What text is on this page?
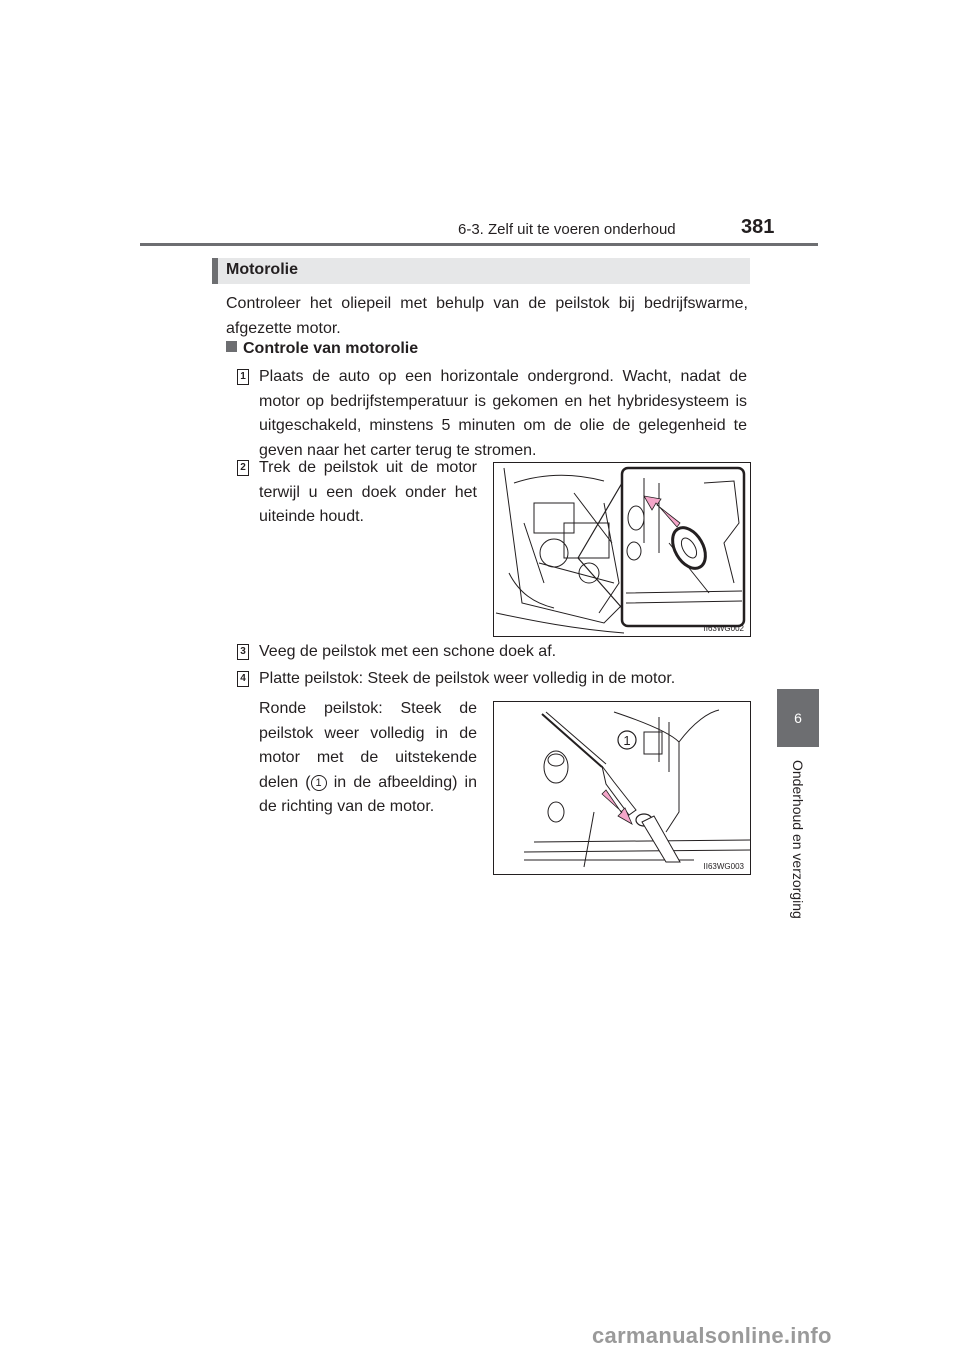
6-3. Zelf uit te voeren onderhoud	381
6
Onderhoud en verzorging
Motorolie
Controleer het oliepeil met behulp van de peilstok bij bedrijfswarme, afgezette motor.
Controle van motorolie
1
2
3
4
Plaats de auto op een horizontale ondergrond. Wacht, nadat de motor op bedrijfstemperatuur is gekomen en het hybridesysteem is uitgeschakeld, minstens 5 minuten om de olie de gelegenheid te geven naar het carter terug te stromen.
Trek de peilstok uit de motor terwijl u een doek onder het uiteinde houdt.
Veeg de peilstok met een schone doek af.
Platte peilstok: Steek de peilstok weer volledig in de motor.
Ronde peilstok: Steek de peilstok weer volledig in de motor met de uitstekende delen ( 1 in de afbeelding) in de richting van de motor.
II63WG002
1
II63WG003
carmanualsonline.info
